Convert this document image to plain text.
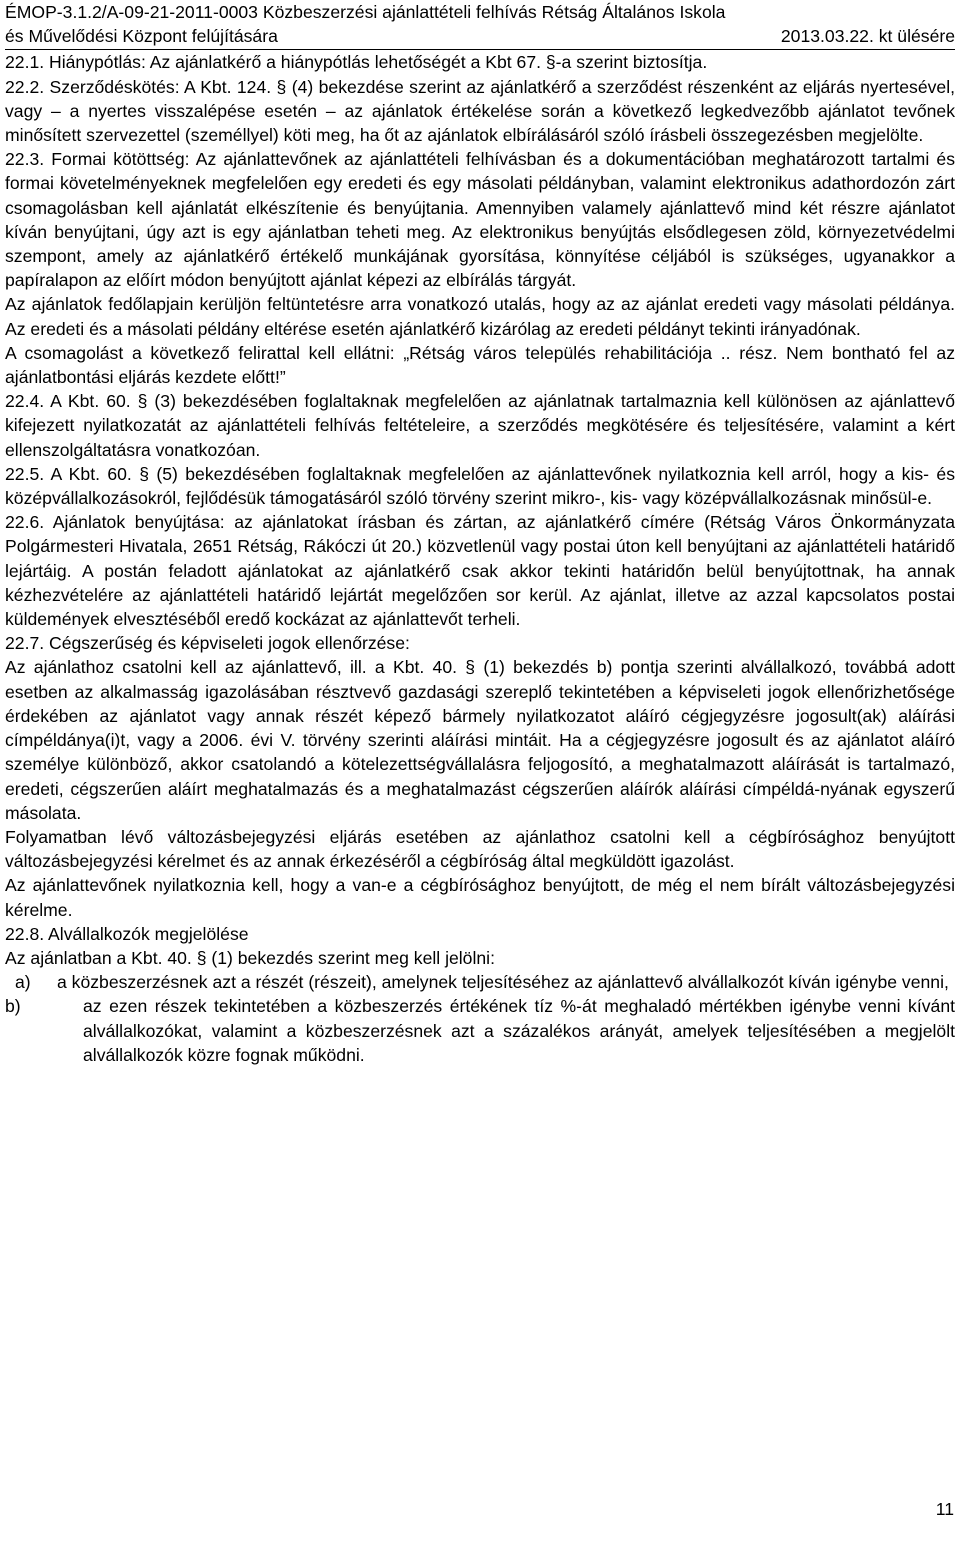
ÉMOP-3.1.2/A-09-21-2011-0003 Közbeszerzési ajánlattételi felhívás Rétság Általános Iskola
és Művelődési Központ felújítására	2013.03.22. kt ülésére

22.1. Hiánypótlás: Az ajánlatkérő a hiánypótlás lehetőségét a Kbt 67. §-a szerint biztosítja.

22.2. Szerződéskötés: A Kbt. 124. § (4) bekezdése szerint az ajánlatkérő a szerződést részenként az eljárás nyertesével, vagy – a nyertes visszalépése esetén – az ajánlatok értékelése során a következő legkedvezőbb ajánlatot tevőnek minősített szervezettel (személlyel) köti meg, ha őt az ajánlatok elbírálásáról szóló írásbeli összegezésben megjelölte.

22.3. Formai kötöttség: Az ajánlattevőnek az ajánlattételi felhívásban és a dokumentációban meghatározott tartalmi és formai követelményeknek megfelelően egy eredeti és egy másolati példányban, valamint elektronikus adathordozón zárt csomagolásban kell ajánlatát elkészítenie és benyújtania. Amennyiben valamely ajánlattevő mind két részre ajánlatot kíván benyújtani, úgy azt is egy ajánlatban teheti meg. Az elektronikus benyújtás elsődlegesen zöld, környezetvédelmi szempont, amely az ajánlatkérő értékelő munkájának gyorsítása, könnyítése céljából is szükséges, ugyanakkor a papíralapon az előírt módon benyújtott ajánlat képezi az elbírálás tárgyát.

Az ajánlatok fedőlapjain kerüljön feltüntetésre arra vonatkozó utalás, hogy az az ajánlat eredeti vagy másolati példánya. Az eredeti és a másolati példány eltérése esetén ajánlatkérő kizárólag az eredeti példányt tekinti irányadónak.

A csomagolást a következő felirattal kell ellátni: „Rétság város település rehabilitációja .. rész. Nem bontható fel az ajánlatbontási eljárás kezdete előtt!”

22.4. A Kbt. 60. § (3) bekezdésében foglaltaknak megfelelően az ajánlatnak tartalmaznia kell különösen az ajánlattevő kifejezett nyilatkozatát az ajánlattételi felhívás feltételeire, a szerződés megkötésére és teljesítésére, valamint a kért ellenszolgáltatásra vonatkozóan.

22.5. A Kbt. 60. § (5) bekezdésében foglaltaknak megfelelően az ajánlattevőnek nyilatkoznia kell arról, hogy a kis- és középvállalkozásokról, fejlődésük támogatásáról szóló törvény szerint mikro-, kis- vagy középvállalkozásnak minősül-e.

22.6. Ajánlatok benyújtása: az ajánlatokat írásban és zártan, az ajánlatkérő címére (Rétság Város Önkormányzata Polgármesteri Hivatala, 2651 Rétság, Rákóczi út 20.) közvetlenül vagy postai úton kell benyújtani az ajánlattételi határidő lejártáig. A postán feladott ajánlatokat az ajánlatkérő csak akkor tekinti határidőn belül benyújtottnak, ha annak kézhezvételére az ajánlattételi határidő lejártát megelőzően sor kerül. Az ajánlat, illetve az azzal kapcsolatos postai küldemények elvesztéséből eredő kockázat az ajánlattevőt terheli.

22.7. Cégszerűség és képviseleti jogok ellenőrzése:

Az ajánlathoz csatolni kell az ajánlattevő, ill. a Kbt. 40. § (1) bekezdés b) pontja szerinti alvállalkozó, továbbá adott esetben az alkalmasság igazolásában résztvevő gazdasági szereplő tekintetében a képviseleti jogok ellenőrizhetősége érdekében az ajánlatot vagy annak részét képező bármely nyilatkozatot aláíró cégjegyzésre jogosult(ak) aláírási címpéldánya(i)t, vagy a 2006. évi V. törvény szerinti aláírási mintáit. Ha a cégjegyzésre jogosult és az ajánlatot aláíró személye különböző, akkor csatolandó a kötelezettségvállalásra feljogosító, a meghatalmazott aláírását is tartalmazó, eredeti, cégszerűen aláírt meghatalmazás és a meghatalmazást cégszerűen aláírók aláírási címpéldá-nyának egyszerű másolata.

Folyamatban lévő változásbejegyzési eljárás esetében az ajánlathoz csatolni kell a cégbírósághoz benyújtott változásbejegyzési kérelmet és az annak érkezéséről a cégbíróság által megküldött igazolást.

Az ajánlattevőnek nyilatkoznia kell, hogy a van-e a cégbírósághoz benyújtott, de még el nem bírált változásbejegyzési kérelme.

22.8. Alvállalkozók megjelölése

Az ajánlatban a Kbt. 40. § (1) bekezdés szerint meg kell jelölni:

a)	a közbeszerzésnek azt a részét (részeit), amelynek teljesítéséhez az ajánlattevő alvállalkozót kíván igénybe venni,
b)	az ezen részek tekintetében a közbeszerzés értékének tíz %-át meghaladó mértékben igénybe venni kívánt alvállalkozókat, valamint a közbeszerzésnek azt a százalékos arányát, amelyek teljesítésében a megjelölt alvállalkozók közre fognak működni.
11
